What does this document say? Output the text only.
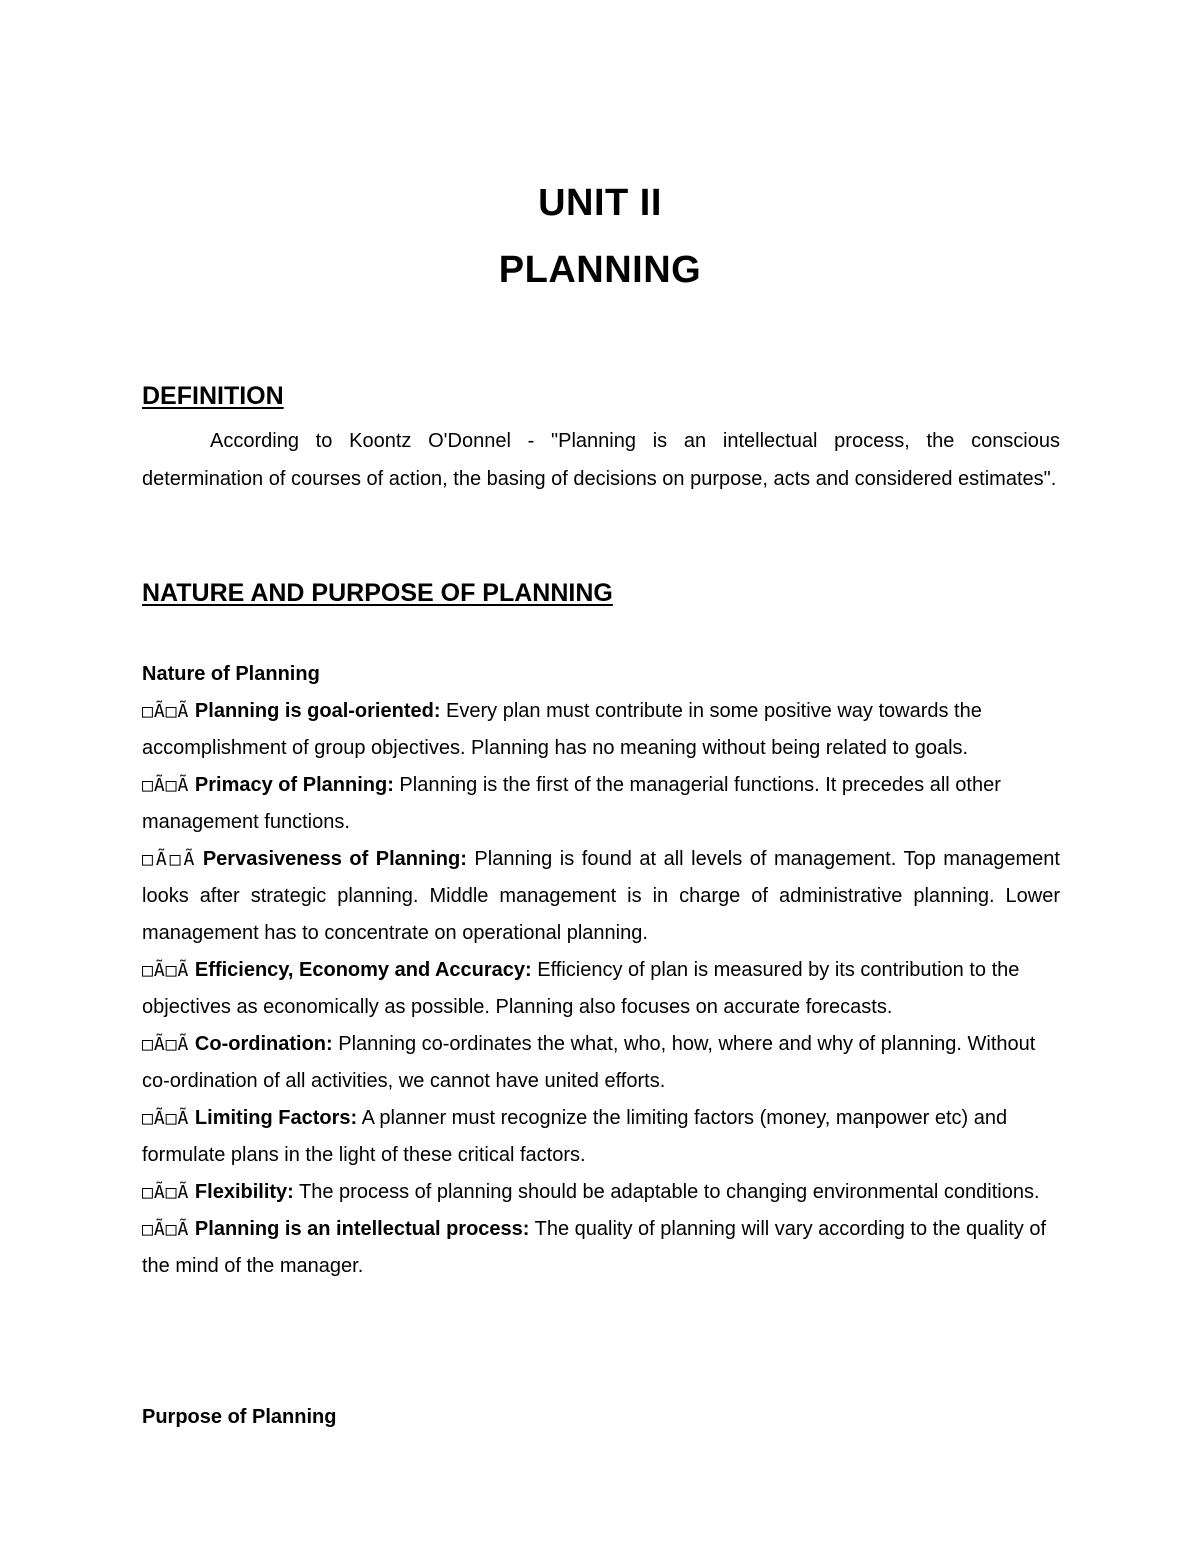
UNIT II
PLANNING
DEFINITION
According to Koontz O'Donnel - "Planning is an intellectual process, the conscious determination of courses of action, the basing of decisions on purpose, acts and considered estimates".
NATURE AND PURPOSE OF PLANNING
Nature of Planning
□Ã□Ã Planning is goal-oriented: Every plan must contribute in some positive way towards the accomplishment of group objectives. Planning has no meaning without being related to goals.
□Ã□Ã Primacy of Planning: Planning is the first of the managerial functions. It precedes all other management functions.
□Ã□Ã Pervasiveness of Planning: Planning is found at all levels of management. Top management looks after strategic planning. Middle management is in charge of administrative planning. Lower management has to concentrate on operational planning.
□Ã□Ã Efficiency, Economy and Accuracy: Efficiency of plan is measured by its contribution to the objectives as economically as possible. Planning also focuses on accurate forecasts.
□Ã□Ã Co-ordination: Planning co-ordinates the what, who, how, where and why of planning. Without co-ordination of all activities, we cannot have united efforts.
□Ã□Ã Limiting Factors: A planner must recognize the limiting factors (money, manpower etc) and formulate plans in the light of these critical factors.
□Ã□Ã Flexibility: The process of planning should be adaptable to changing environmental conditions.
□Ã□Ã Planning is an intellectual process: The quality of planning will vary according to the quality of the mind of the manager.
Purpose of Planning
